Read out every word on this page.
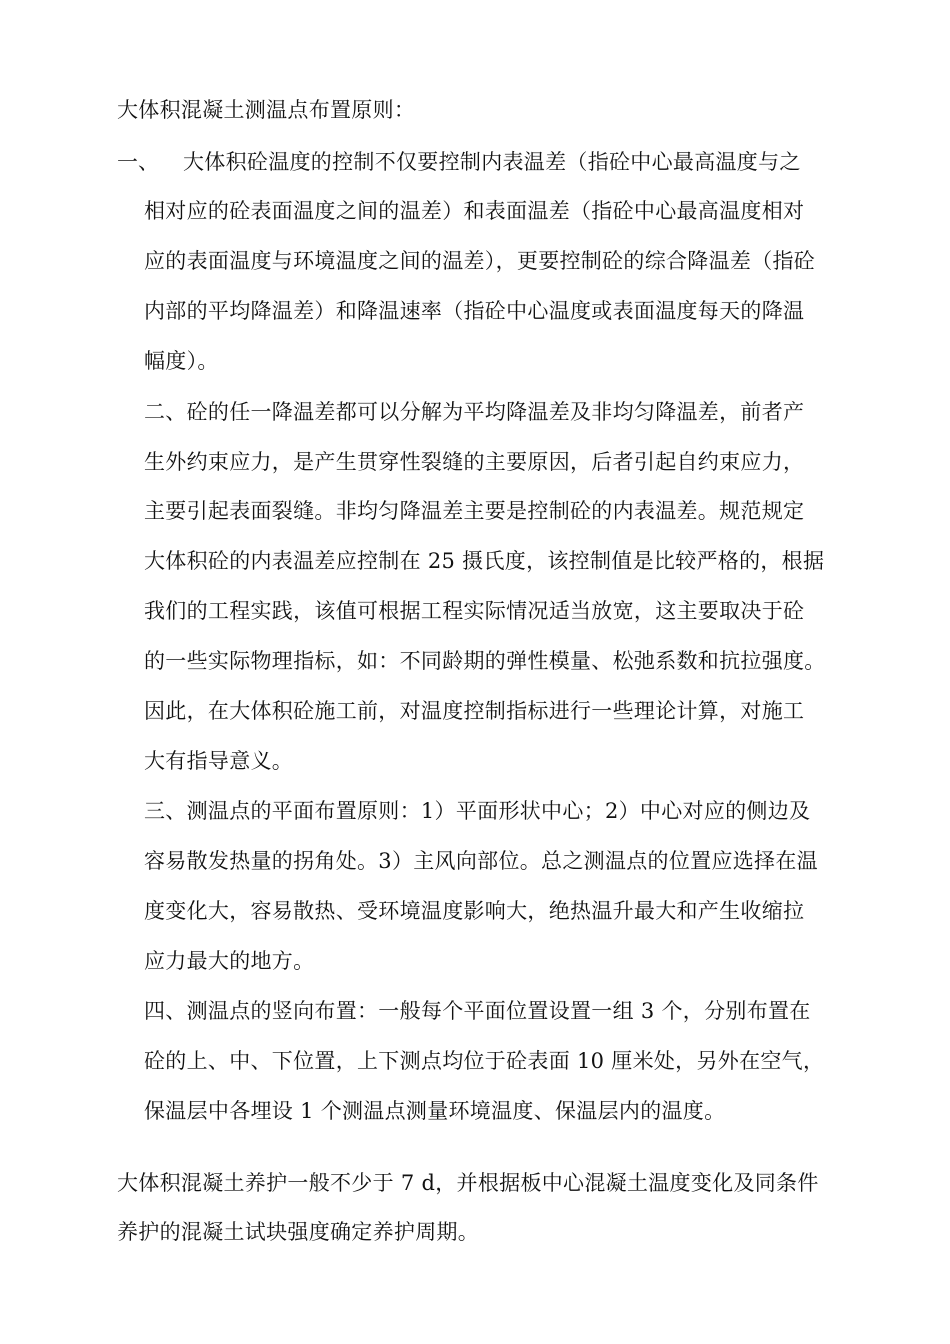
大体积混凝土测温点布置原则：
一、 大体积砼温度的控制不仅要控制内表温差（指砼中心最高温度与之
相对应的砼表面温度之间的温差）和表面温差（指砼中心最高温度相对
应的表面温度与环境温度之间的温差），更要控制砼的综合降温差（指砼
内部的平均降温差）和降温速率（指砼中心温度或表面温度每天的降温
幅度）。
二、砼的任一降温差都可以分解为平均降温差及非均匀降温差，前者产
生外约束应力，是产生贯穿性裂缝的主要原因，后者引起自约束应力，
主要引起表面裂缝。非均匀降温差主要是控制砼的内表温差。规范规定
大体积砼的内表温差应控制在 25 摄氏度，该控制值是比较严格的，根据
我们的工程实践，该值可根据工程实际情况适当放宽，这主要取决于砼
的一些实际物理指标，如：不同龄期的弹性模量、松弛系数和抗拉强度。
因此，在大体积砼施工前，对温度控制指标进行一些理论计算，对施工
大有指导意义。
三、测温点的平面布置原则：1）平面形状中心；2）中心对应的侧边及
容易散发热量的拐角处。3）主风向部位。总之测温点的位置应选择在温
度变化大，容易散热、受环境温度影响大，绝热温升最大和产生收缩拉
应力最大的地方。
四、测温点的竖向布置：一般每个平面位置设置一组 3 个，分别布置在
砼的上、中、下位置，上下测点均位于砼表面 10 厘米处，另外在空气，
保温层中各埋设 1 个测温点测量环境温度、保温层内的温度。
大体积混凝土养护一般不少于 7 d，并根据板中心混凝土温度变化及同条件
养护的混凝土试块强度确定养护周期。
